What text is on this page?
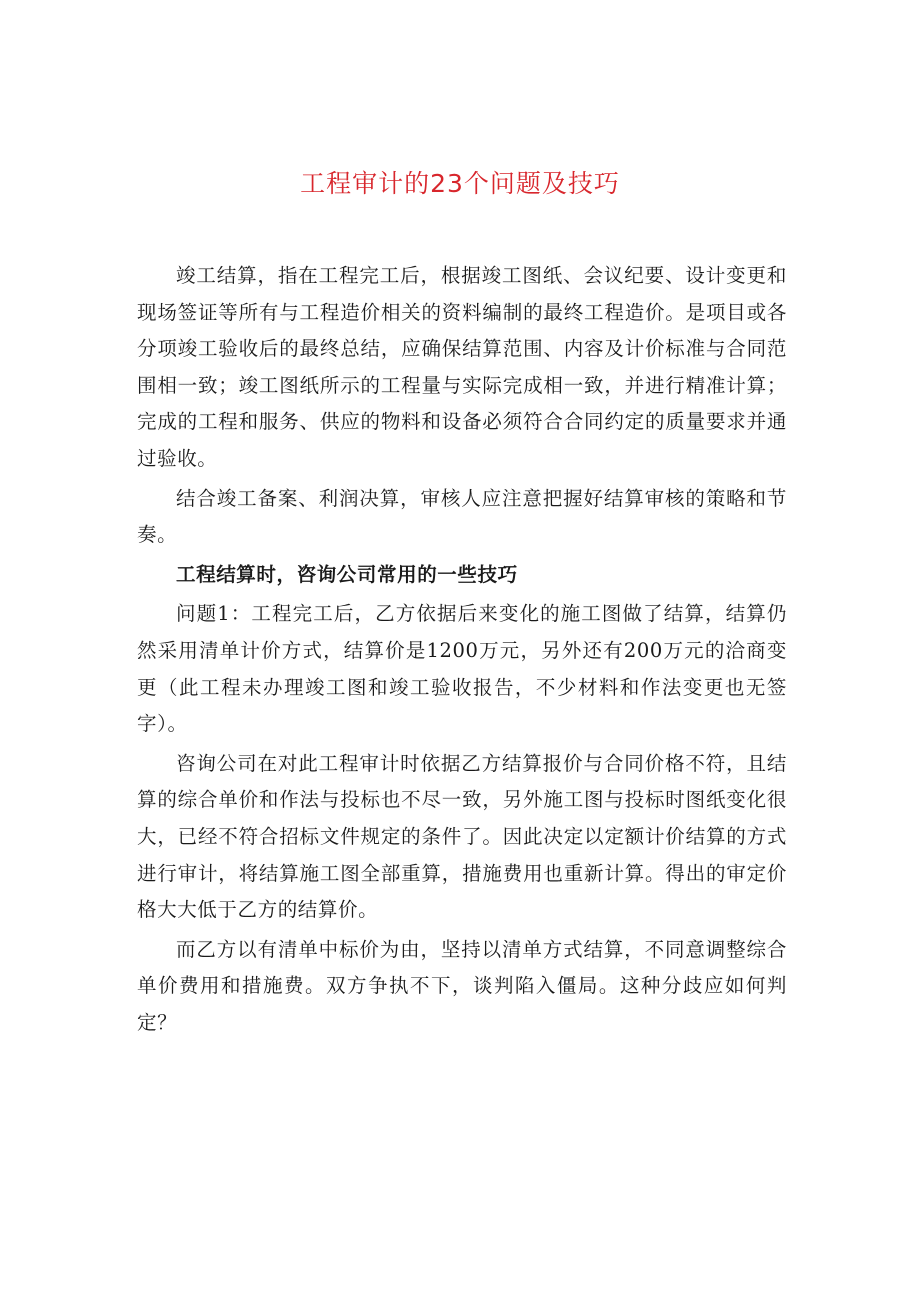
工程审计的23个问题及技巧

竣工结算，指在工程完工后，根据竣工图纸、会议纪要、设计变更和现场签证等所有与工程造价相关的资料编制的最终工程造价。是项目或各分项竣工验收后的最终总结，应确保结算范围、内容及计价标准与合同范围相一致；竣工图纸所示的工程量与实际完成相一致，并进行精准计算；完成的工程和服务、供应的物料和设备必须符合合同约定的质量要求并通过验收。

结合竣工备案、利润决算，审核人应注意把握好结算审核的策略和节奏。

工程结算时，咨询公司常用的一些技巧

问题1：工程完工后，乙方依据后来变化的施工图做了结算，结算仍然采用清单计价方式，结算价是1200万元，另外还有200万元的洽商变更（此工程未办理竣工图和竣工验收报告，不少材料和作法变更也无签字）。

咨询公司在对此工程审计时依据乙方结算报价与合同价格不符，且结算的综合单价和作法与投标也不尽一致，另外施工图与投标时图纸变化很大，已经不符合招标文件规定的条件了。因此决定以定额计价结算的方式进行审计，将结算施工图全部重算，措施费用也重新计算。得出的审定价格大大低于乙方的结算价。

而乙方以有清单中标价为由，坚持以清单方式结算，不同意调整综合单价费用和措施费。双方争执不下，谈判陷入僵局。这种分歧应如何判定？
